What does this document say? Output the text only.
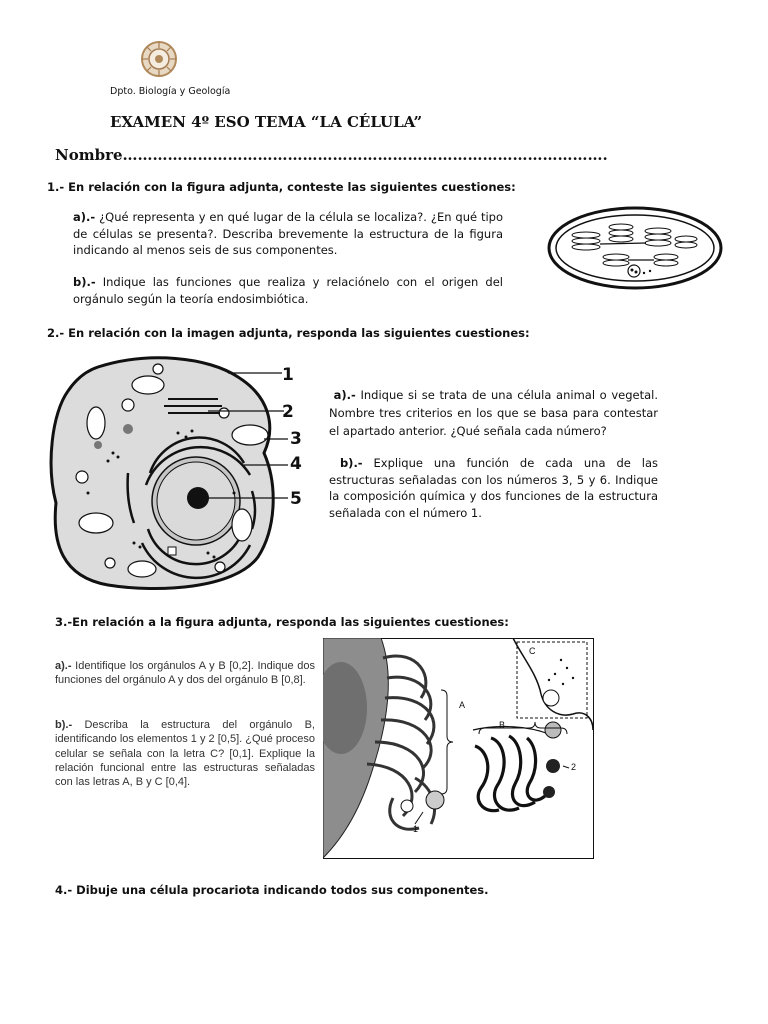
Dpto. Biología y Geología
EXAMEN 4º ESO TEMA “LA CÉLULA”
Nombre…………………………………………………………………………………….
1.- En relación con la figura adjunta, conteste las siguientes cuestiones:
a).- ¿Qué representa y en qué lugar de la célula se localiza?. ¿En qué tipo de células se presenta?. Describa brevemente la estructura de la figura indicando al menos seis de sus componentes.
b).- Indique las funciones que realiza y relaciónelo con el origen del orgánulo según la teoría endosimbiótica.
2.- En relación con la imagen adjunta, responda las siguientes cuestiones:
1
2
3
4
5
a).- Indique si se trata de una célula animal o vegetal. Nombre tres criterios en los que se basa para contestar el apartado anterior. ¿Qué señala cada número?
b).- Explique una función de cada una de las estructuras señaladas con los números 3, 5 y 6. Indique la composición química y dos funciones de la estructura señalada con el número 1.
3.-En relación a la figura adjunta, responda las siguientes cuestiones:
a).- Identifique los orgánulos A y B [0,2]. Indique dos funciones del orgánulo A y dos del orgánulo B [0,8].
b).- Describa la estructura del orgánulo B, identificando los elementos 1 y 2 [0,5]. ¿Qué proceso celular se señala con la letra C? [0,1]. Explique la relación funcional entre las estructuras señaladas con las letras A, B y C [0,4].
A
B
C
1
2
4.- Dibuje una célula procariota indicando todos sus componentes.
